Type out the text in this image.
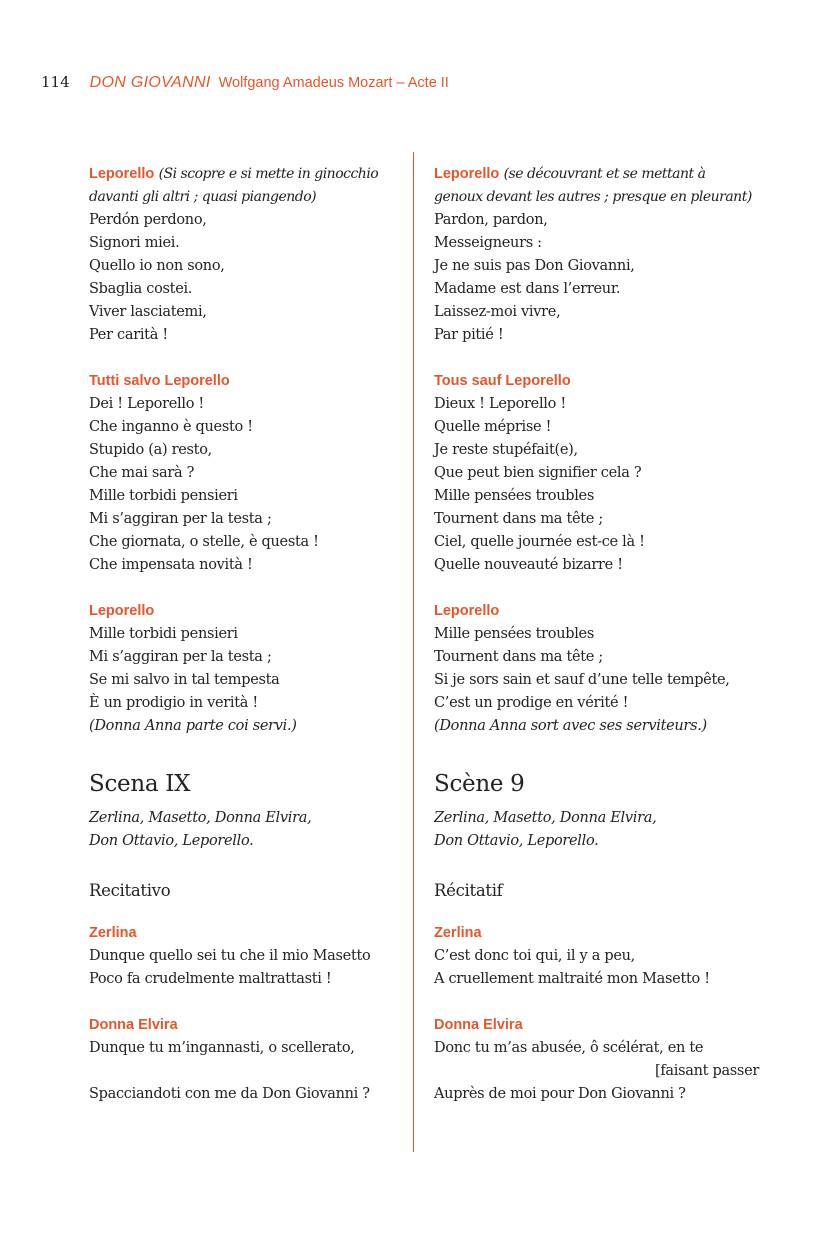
114 DON GIOVANNI Wolfgang Amadeus Mozart – Acte II
Leporello (Si scopre e si mette in ginocchio
davanti gli altri ; quasi piangendo)
Perdón perdono,
Signori miei.
Quello io non sono,
Sbaglia costei.
Viver lasciatemi,
Per carità !
Tutti salvo Leporello
Dei ! Leporello !
Che inganno è questo !
Stupido (a) resto,
Che mai sarà ?
Mille torbidi pensieri
Mi s’aggiran per la testa ;
Che giornata, o stelle, è questa !
Che impensata novità !
Leporello
Mille torbidi pensieri
Mi s’aggiran per la testa ;
Se mi salvo in tal tempesta
È un prodigio in verità !
(Donna Anna parte coi servi.)
Scena IX
Zerlina, Masetto, Donna Elvira,
Don Ottavio, Leporello.
Recitativo
Zerlina
Dunque quello sei tu che il mio Masetto
Poco fa crudelmente maltrattasti !
Donna Elvira
Dunque tu m’ingannasti, o scellerato,
Spacciandoti con me da Don Giovanni ?
Leporello (se découvrant et se mettant à
genoux devant les autres ; presque en pleurant)
Pardon, pardon,
Messeigneurs :
Je ne suis pas Don Giovanni,
Madame est dans l’erreur.
Laissez-moi vivre,
Par pitié !
Tous sauf Leporello
Dieux ! Leporello !
Quelle méprise !
Je reste stupéfait(e),
Que peut bien signifier cela ?
Mille pensées troubles
Tournent dans ma tête ;
Ciel, quelle journée est-ce là !
Quelle nouveauté bizarre !
Leporello
Mille pensées troubles
Tournent dans ma tête ;
Si je sors sain et sauf d’une telle tempête,
C’est un prodige en vérité !
(Donna Anna sort avec ses serviteurs.)
Scène 9
Zerlina, Masetto, Donna Elvira,
Don Ottavio, Leporello.
Récitatif
Zerlina
C’est donc toi qui, il y a peu,
A cruellement maltraité mon Masetto !
Donna Elvira
Donc tu m’as abusée, ô scélérat, en te
[faisant passer
Auprès de moi pour Don Giovanni ?
